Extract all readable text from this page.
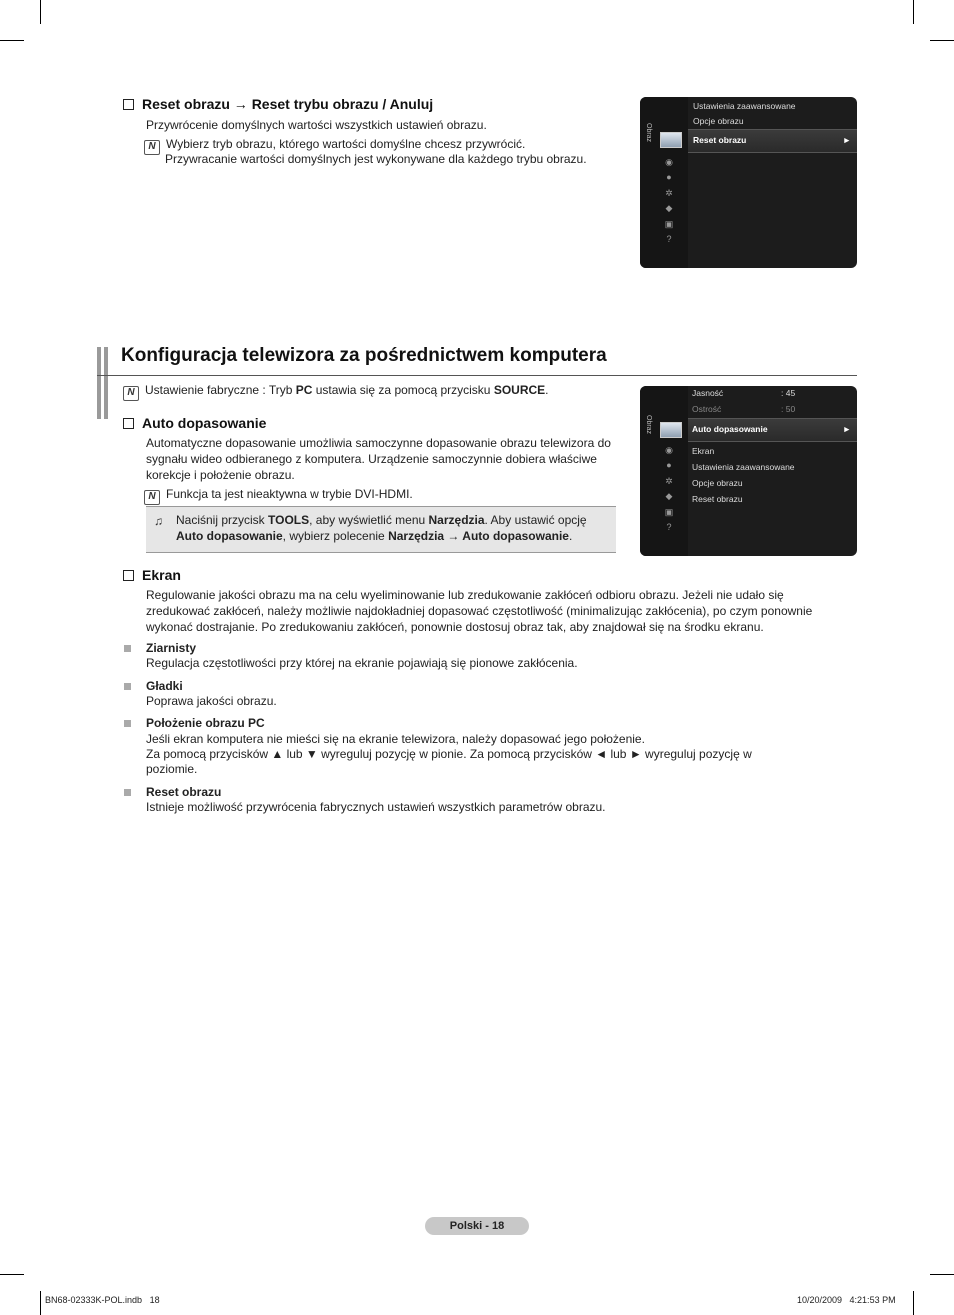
Reset obrazu → Reset trybu obrazu / Anuluj
Przywrócenie domyślnych wartości wszystkich ustawień obrazu.
N Wybierz tryb obrazu, którego wartości domyślne chcesz przywrócić.
Przywracanie wartości domyślnych jest wykonywane dla każdego trybu obrazu.
Obraz
Ustawienia zaawansowane
Opcje obrazu
Reset obrazu	►
◉
●
✲
◆
▣
?
Konfiguracja telewizora za pośrednictwem komputera
N Ustawienie fabryczne : Tryb PC ustawia się za pomocą przycisku SOURCE.
Auto dopasowanie
Automatyczne dopasowanie umożliwia samoczynne dopasowanie obrazu telewizora do
sygnału wideo odbieranego z komputera. Urządzenie samoczynnie dobiera właściwe
korekcje i położenie obrazu.
N Funkcja ta jest nieaktywna w trybie DVI-HDMI.
♫ Naciśnij przycisk TOOLS, aby wyświetlić menu Narzędzia. Aby ustawić opcję
Auto dopasowanie, wybierz polecenie Narzędzia → Auto dopasowanie.
Obraz
Jasność	: 45
Ostrość	: 50
Auto dopasowanie	►
Ekran
Ustawienia zaawansowane
Opcje obrazu
Reset obrazu
◉
●
✲
◆
▣
?
Ekran
Regulowanie jakości obrazu ma na celu wyeliminowanie lub zredukowanie zakłóceń odbioru obrazu. Jeżeli nie udało się
zredukować zakłóceń, należy możliwie najdokładniej dopasować częstotliwość (minimalizując zakłócenia), po czym ponownie
wykonać dostrajanie. Po zredukowaniu zakłóceń, ponownie dostosuj obraz tak, aby znajdował się na środku ekranu.
Ziarnisty
Regulacja częstotliwości przy której na ekranie pojawiają się pionowe zakłócenia.
Gładki
Poprawa jakości obrazu.
Położenie obrazu PC
Jeśli ekran komputera nie mieści się na ekranie telewizora, należy dopasować jego położenie.
Za pomocą przycisków ▲ lub ▼ wyreguluj pozycję w pionie. Za pomocą przycisków ◄ lub ► wyreguluj pozycję w
poziomie.
Reset obrazu
Istnieje możliwość przywrócenia fabrycznych ustawień wszystkich parametrów obrazu.
Polski - 18
BN68-02333K-POL.indb   18	10/20/2009   4:21:53 PM
